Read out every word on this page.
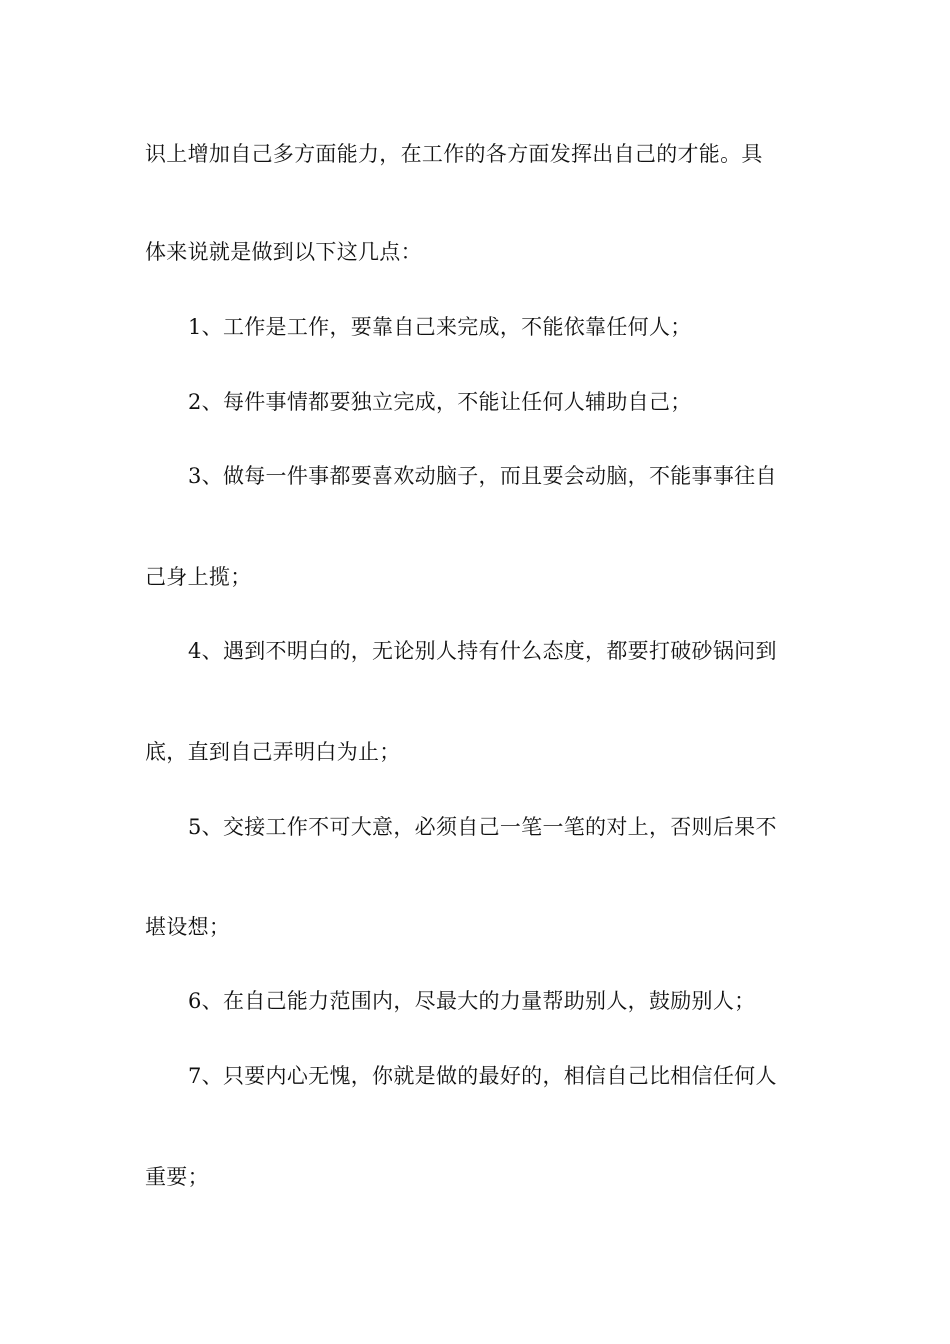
识上增加自己多方面能力，在工作的各方面发挥出自己的才能。具
体来说就是做到以下这几点：
1、工作是工作，要靠自己来完成，不能依靠任何人；
2、每件事情都要独立完成，不能让任何人辅助自己；
3、做每一件事都要喜欢动脑子，而且要会动脑，不能事事往自
己身上揽；
4、遇到不明白的，无论别人持有什么态度，都要打破砂锅问到
底，直到自己弄明白为止；
5、交接工作不可大意，必须自己一笔一笔的对上，否则后果不
堪设想；
6、在自己能力范围内，尽最大的力量帮助别人，鼓励别人；
7、只要内心无愧，你就是做的最好的，相信自己比相信任何人
重要；
